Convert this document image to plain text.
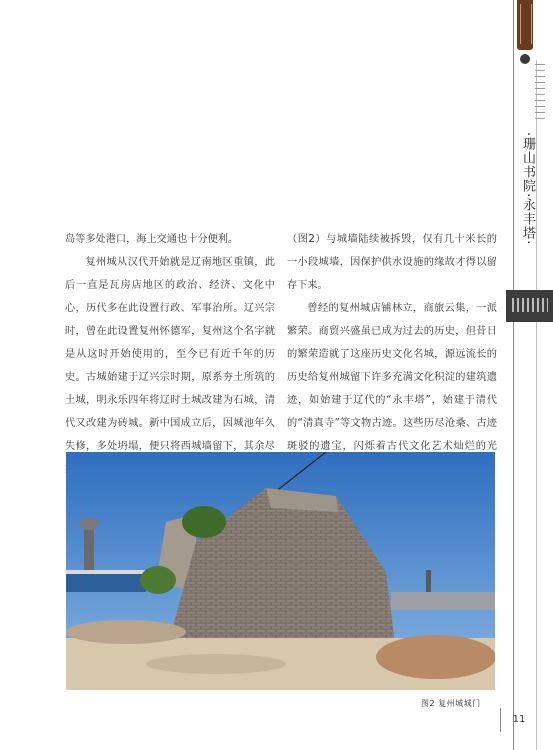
·珊山书院·永丰塔·

岛等多处港口，海上交通也十分便利。

复州城从汉代开始就是辽南地区重镇，此后一直是瓦房店地区的政治、经济、文化中心，历代多在此设置行政、军事治所。辽兴宗时，曾在此设置复州怀德军，复州这个名字就是从这时开始使用的，至今已有近千年的历史。古城始建于辽兴宗时期，原系夯土所筑的土城，明永乐四年将辽时土城改建为石城，清代又改建为砖城。新中国成立后，因城池年久失修，多处坍塌，便只将西城墙留下，其余尽

（图2）与城墙陆续被拆毁，仅有几十米长的一小段城墙，因保护供水设施的缘故才得以留存下来。

曾经的复州城店铺林立，商旅云集，一派繁荣。商贸兴盛虽已成为过去的历史，但昔日的繁荣造就了这座历史文化名城，源远流长的历史给复州城留下许多充满文化积淀的建筑遗迹，如始建于辽代的“永丰塔”，始建于清代的“清真寺”等文物古迹。这些历尽沧桑、古迹斑驳的遗宝，闪烁着古代文化艺术灿烂的光

图2 复州城城门
11
